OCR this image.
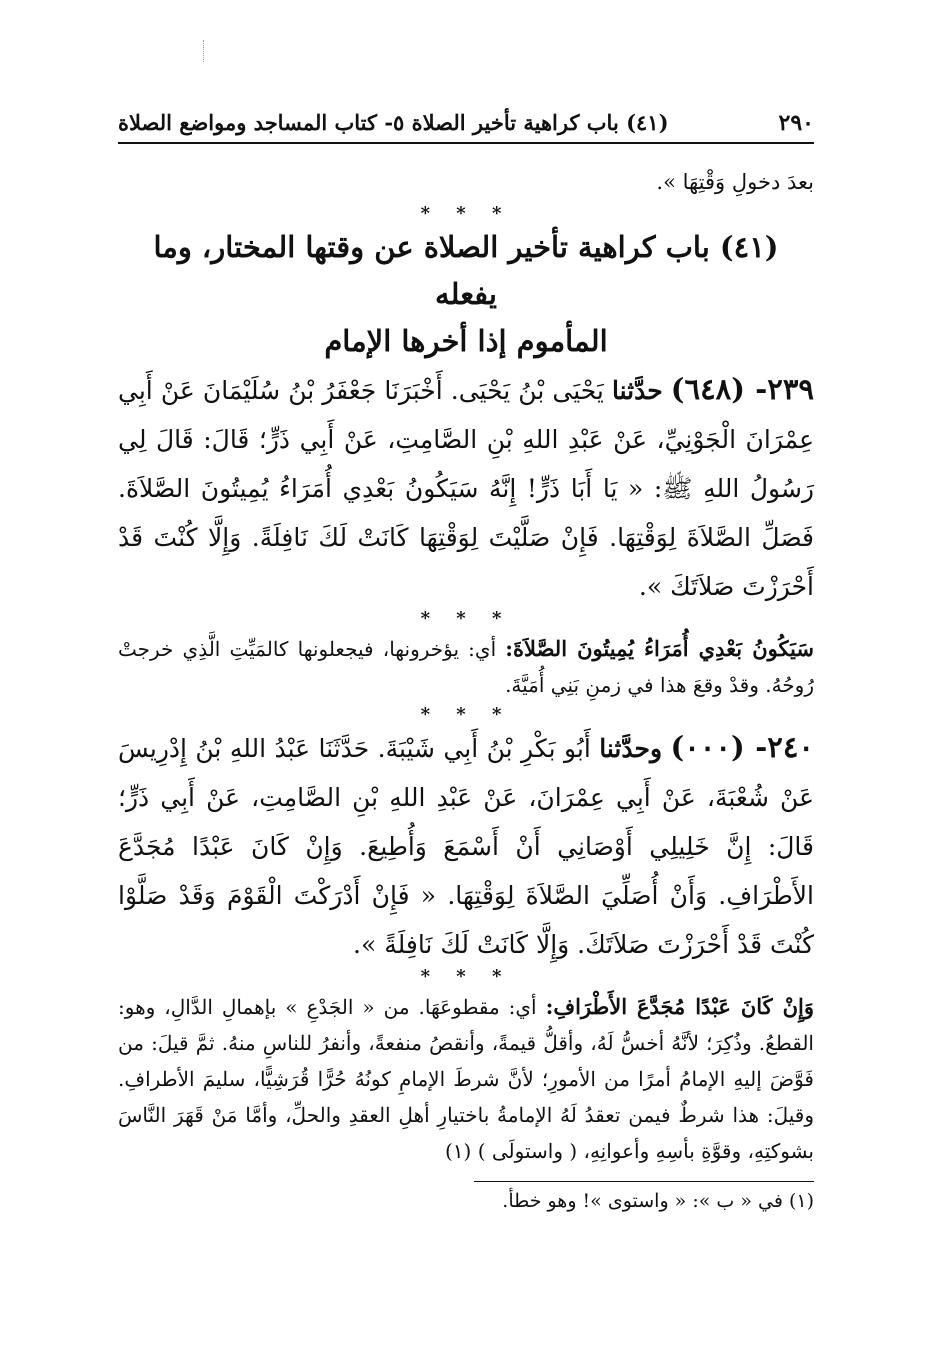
٢٩٠
(٤١) باب كراهية تأخير الصلاة ٥- كتاب المساجد ومواضع الصلاة
بعدَ دخولِ وَقْتِهَا ».
* * *
(٤١) باب كراهية تأخير الصلاة عن وقتها المختار، وما يفعله
المأموم إذا أخرها الإمام

٢٣٩- (٦٤٨) حدَّثنا يَحْيَى بْنُ يَحْيَى. أَخْبَرَنَا جَعْفَرُ بْنُ سُلَيْمَانَ عَنْ أَبِي عِمْرَانَ الْجَوْنِيِّ، عَنْ عَبْدِ اللهِ بْنِ الصَّامِتِ، عَنْ أَبِي ذَرٍّ؛ قَالَ: قَالَ لِي رَسُولُ اللهِ ﷺ: « يَا أَبَا ذَرٍّ! إِنَّهُ سَيَكُونُ بَعْدِي أُمَرَاءُ يُمِيتُونَ الصَّلاَةَ. فَصَلِّ الصَّلاَةَ لِوَقْتِهَا. فَإِنْ صَلَّيْتَ لِوَقْتِهَا كَانَتْ لَكَ نَافِلَةً. وَإِلَّا كُنْتَ قَدْ أَحْرَزْتَ صَلاَتَكَ ».

* * *

سَيَكُونُ بَعْدِي أُمَرَاءُ يُمِيتُونَ الصَّلاَةَ: أي: يؤخرونها، فيجعلونها كالمَيِّتِ الَّذِي خرجتْ رُوحُهُ. وقدْ وقعَ هذا في زمنِ بَنِي أُمَيَّةَ.

* * *

٢٤٠- (٠٠٠) وحدَّثنا أَبُو بَكْرِ بْنُ أَبِي شَيْبَةَ. حَدَّثَنَا عَبْدُ اللهِ بْنُ إِدْرِيسَ عَنْ شُعْبَةَ، عَنْ أَبِي عِمْرَانَ، عَنْ عَبْدِ اللهِ بْنِ الصَّامِتِ، عَنْ أَبِي ذَرٍّ؛ قَالَ: إِنَّ خَلِيلِي أَوْصَانِي أَنْ أَسْمَعَ وَأُطِيعَ. وَإِنْ كَانَ عَبْدًا مُجَدَّعَ الأَطْرَافِ. وَأَنْ أُصَلِّيَ الصَّلاَةَ لِوَقْتِهَا. « فَإِنْ أَدْرَكْتَ الْقَوْمَ وَقَدْ صَلَّوْا كُنْتَ قَدْ أَحْرَزْتَ صَلاَتَكَ. وَإِلَّا كَانَتْ لَكَ نَافِلَةً ».

* * *

وَإِنْ كَانَ عَبْدًا مُجَدَّعَ الأَطْرَافِ: أي: مقطوعَهَا. من « الجَدْعِ » بإهمالِ الدَّالِ، وهو: القطعُ. وذُكِرَ؛ لأنَّهُ أخسُّ لَهُ، وأقلُّ قيمةً، وأنقصُ منفعةً، وأنفرُ للناسِ منهُ. ثمَّ قيلَ: من فَوَّضَ إليهِ الإمامُ أمرًا من الأمورِ؛ لأنَّ شرطَ الإمامِ كونُهُ حُرًّا قُرَشِيًّا، سليمَ الأطرافِ. وقيلَ: هذا شرطٌ فيمن تعقدُ لَهُ الإمامةُ باختيارِ أهلِ العقدِ والحلِّ، وأمَّا مَنْ قَهَرَ النَّاسَ بشوكتِهِ، وقوَّةِ بأسِهِ وأعوانِهِ، ( واستولَى ) (١)

(١) في « ب »: « واستوى »! وهو خطأ.
